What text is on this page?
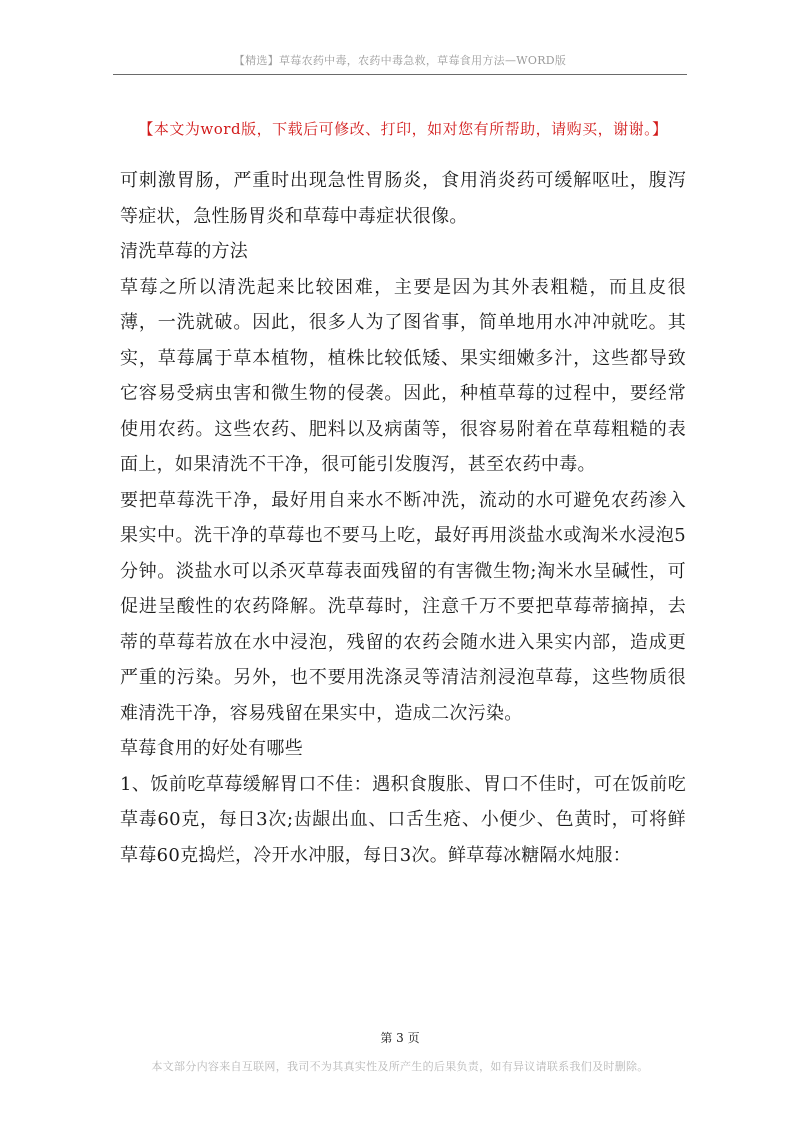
【精选】草莓农药中毒，农药中毒急救，草莓食用方法—WORD版
【本文为word版，下载后可修改、打印，如对您有所帮助，请购买，谢谢。】

可刺激胃肠，严重时出现急性胃肠炎，食用消炎药可缓解呕吐，腹泻等症状，急性肠胃炎和草莓中毒症状很像。

清洗草莓的方法

草莓之所以清洗起来比较困难，主要是因为其外表粗糙，而且皮很薄，一洗就破。因此，很多人为了图省事，简单地用水冲冲就吃。其实，草莓属于草本植物，植株比较低矮、果实细嫩多汁，这些都导致它容易受病虫害和微生物的侵袭。因此，种植草莓的过程中，要经常使用农药。这些农药、肥料以及病菌等，很容易附着在草莓粗糙的表面上，如果清洗不干净，很可能引发腹泻，甚至农药中毒。

要把草莓洗干净，最好用自来水不断冲洗，流动的水可避免农药渗入果实中。洗干净的草莓也不要马上吃，最好再用淡盐水或淘米水浸泡5分钟。淡盐水可以杀灭草莓表面残留的有害微生物;淘米水呈碱性，可促进呈酸性的农药降解。洗草莓时，注意千万不要把草莓蒂摘掉，去蒂的草莓若放在水中浸泡，残留的农药会随水进入果实内部，造成更严重的污染。另外，也不要用洗涤灵等清洁剂浸泡草莓，这些物质很难清洗干净，容易残留在果实中，造成二次污染。

草莓食用的好处有哪些

1、饭前吃草莓缓解胃口不佳：遇积食腹胀、胃口不佳时，可在饭前吃草毒60克，每日3次;齿龈出血、口舌生疮、小便少、色黄时，可将鲜草莓60克捣烂，冷开水冲服，每日3次。鲜草莓冰糖隔水炖服：

第 3 页
本文部分内容来自互联网，我司不为其真实性及所产生的后果负责，如有异议请联系我们及时删除。
